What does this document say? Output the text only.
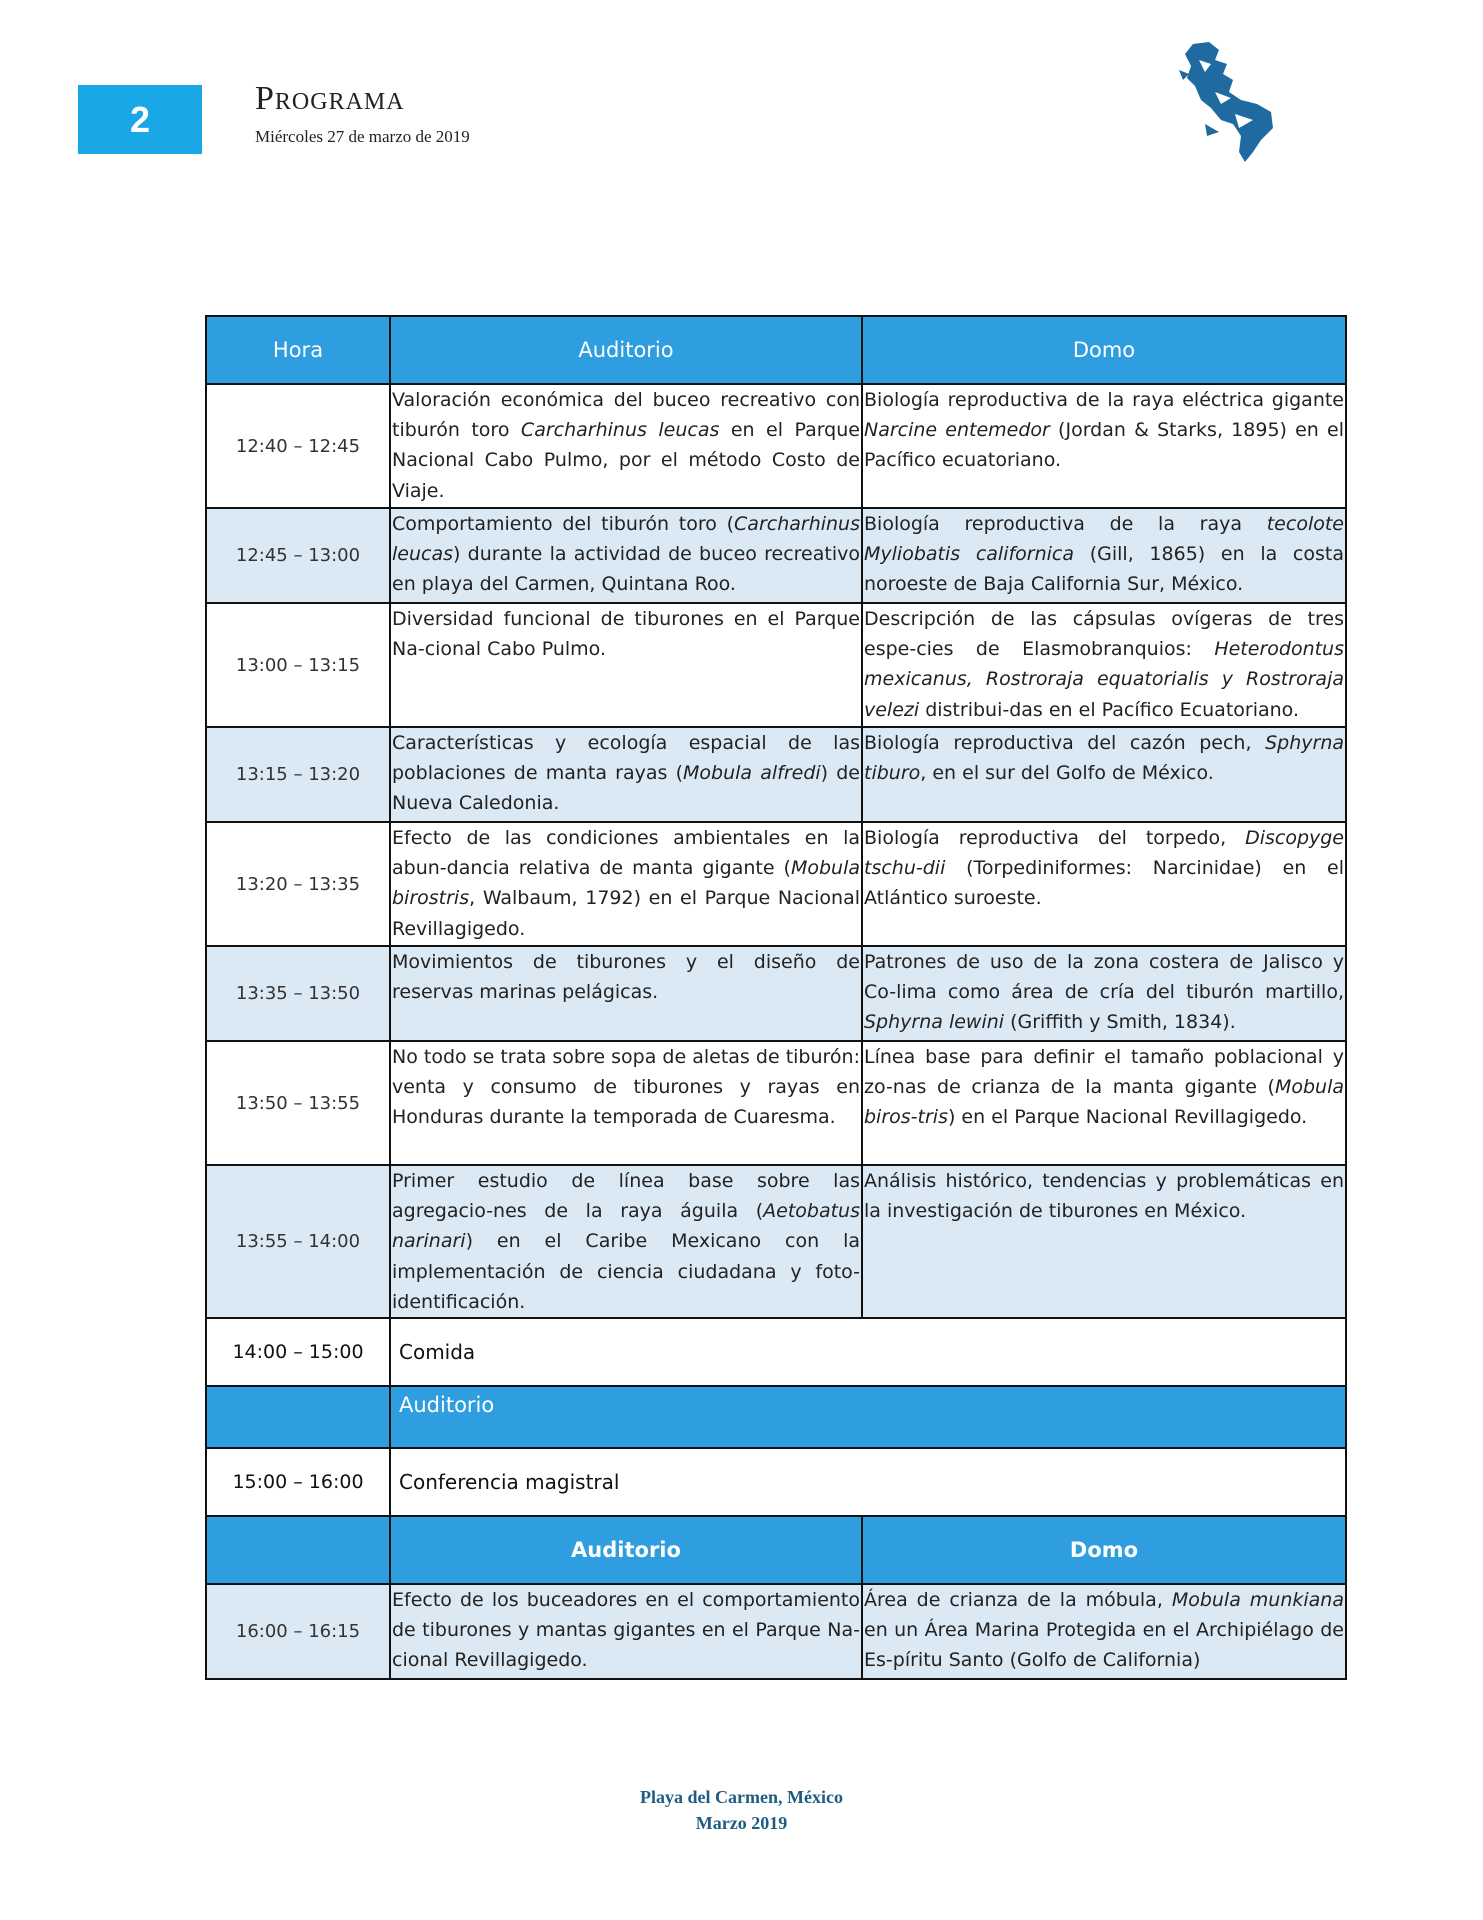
2	Programa
Miércoles 27 de marzo de 2019
Hora	Auditorio	Domo
12:40 – 12:45	Valoración económica del buceo recreativo con tiburón toro Carcharhinus leucas en el Parque Nacional Cabo Pulmo, por el método Costo de Viaje.	Biología reproductiva de la raya eléctrica gigante Narcine entemedor (Jordan & Starks, 1895) en el Pacífico ecuatoriano.
12:45 – 13:00	Comportamiento del tiburón toro (Carcharhinus leucas) durante la actividad de buceo recreativo en playa del Carmen, Quintana Roo.	Biología reproductiva de la raya tecolote Myliobatis californica (Gill, 1865) en la costa noroeste de Baja California Sur, México.
13:00 – 13:15	Diversidad funcional de tiburones en el Parque Na-cional Cabo Pulmo.	Descripción de las cápsulas ovígeras de tres espe-cies de Elasmobranquios: Heterodontus mexicanus, Rostroraja equatorialis y Rostroraja velezi distribui-das en el Pacífico Ecuatoriano.
13:15 – 13:20	Características y ecología espacial de las poblaciones de manta rayas (Mobula alfredi) de Nueva Caledonia.	Biología reproductiva del cazón pech, Sphyrna tiburo, en el sur del Golfo de México.
13:20 – 13:35	Efecto de las condiciones ambientales en la abun-dancia relativa de manta gigante (Mobula birostris, Walbaum, 1792) en el Parque Nacional Revillagigedo.	Biología reproductiva del torpedo, Discopyge tschu-dii (Torpediniformes: Narcinidae) en el Atlántico suroeste.
13:35 – 13:50	Movimientos de tiburones y el diseño de reservas marinas pelágicas.	Patrones de uso de la zona costera de Jalisco y Co-lima como área de cría del tiburón martillo, Sphyrna lewini (Griffith y Smith, 1834).
13:50 – 13:55	No todo se trata sobre sopa de aletas de tiburón: venta y consumo de tiburones y rayas en Honduras durante la temporada de Cuaresma.	Línea base para definir el tamaño poblacional y zo-nas de crianza de la manta gigante (Mobula biros-tris) en el Parque Nacional Revillagigedo.
13:55 – 14:00	Primer estudio de línea base sobre las agregacio-nes de la raya águila (Aetobatus narinari) en el Caribe Mexicano con la implementación de ciencia ciudadana y foto-identificación.	Análisis histórico, tendencias y problemáticas en la investigación de tiburones en México.
14:00 – 15:00	Comida	
	Auditorio	
15:00 – 16:00	Conferencia magistral	
	Auditorio	Domo
16:00 – 16:15	Efecto de los buceadores en el comportamiento de tiburones y mantas gigantes en el Parque Na-cional Revillagigedo.	Área de crianza de la móbula, Mobula munkiana en un Área Marina Protegida en el Archipiélago de Es-píritu Santo (Golfo de California)
Playa del Carmen, México
Marzo 2019
